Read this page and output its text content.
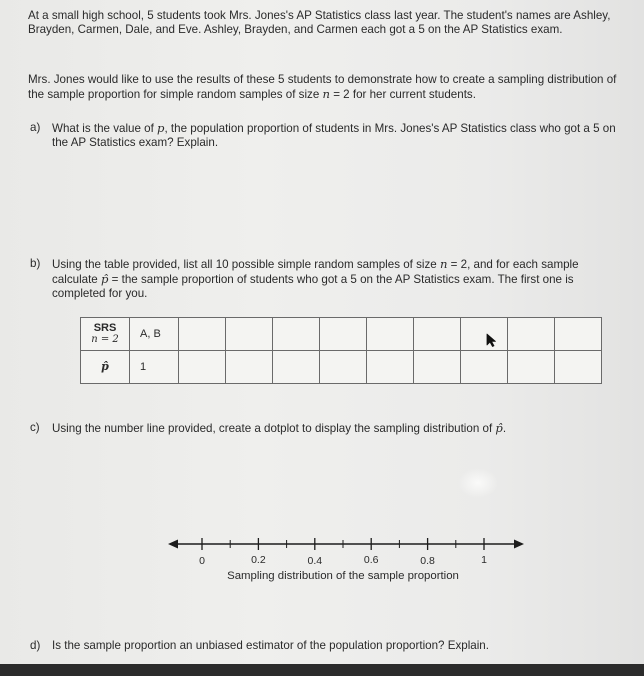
At a small high school, 5 students took Mrs. Jones's AP Statistics class last year. The student's names are Ashley, Brayden, Carmen, Dale, and Eve. Ashley, Brayden, and Carmen each got a 5 on the AP Statistics exam.

Mrs. Jones would like to use the results of these 5 students to demonstrate how to create a sampling distribution of the sample proportion for simple random samples of size n = 2 for her current students.

a) What is the value of p, the population proportion of students in Mrs. Jones's AP Statistics class who got a 5 on the AP Statistics exam? Explain.
b) Using the table provided, list all 10 possible simple random samples of size n = 2, and for each sample calculate p̂ = the sample proportion of students who got a 5 on the AP Statistics exam. The first one is completed for you.
SRS
n = 2	A, B									
p̂	1									
c) Using the number line provided, create a dotplot to display the sampling distribution of p̂.
0	0.2	0.4	0.6	0.8	1
Sampling distribution of the sample proportion
d) Is the sample proportion an unbiased estimator of the population proportion? Explain.
